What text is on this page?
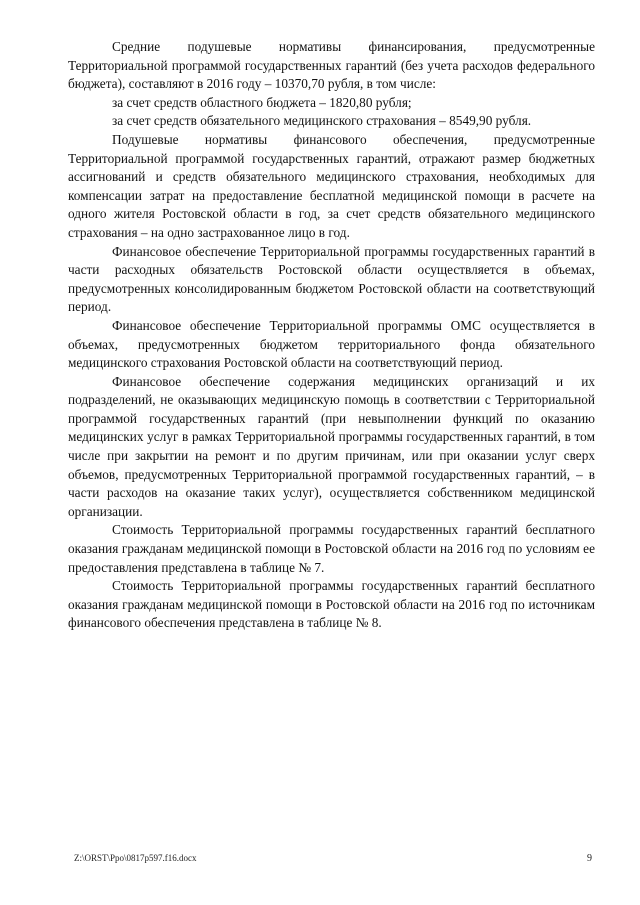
Средние подушевые нормативы финансирования, предусмотренные Территориальной программой государственных гарантий (без учета расходов федерального бюджета), составляют в 2016 году – 10370,70 рубля, в том числе:

за счет средств областного бюджета – 1820,80 рубля;

за счет средств обязательного медицинского страхования – 8549,90 рубля.

Подушевые нормативы финансового обеспечения, предусмотренные Территориальной программой государственных гарантий, отражают размер бюджетных ассигнований и средств обязательного медицинского страхования, необходимых для компенсации затрат на предоставление бесплатной медицинской помощи в расчете на одного жителя Ростовской области в год, за счет средств обязательного медицинского страхования – на одно застрахованное лицо в год.

Финансовое обеспечение Территориальной программы государственных гарантий в части расходных обязательств Ростовской области осуществляется в объемах, предусмотренных консолидированным бюджетом Ростовской области на соответствующий период.

Финансовое обеспечение Территориальной программы ОМС осуществляется в объемах, предусмотренных бюджетом территориального фонда обязательного медицинского страхования Ростовской области на соответствующий период.

Финансовое обеспечение содержания медицинских организаций и их подразделений, не оказывающих медицинскую помощь в соответствии с Территориальной программой государственных гарантий (при невыполнении функций по оказанию медицинских услуг в рамках Территориальной программы государственных гарантий, в том числе при закрытии на ремонт и по другим причинам, или при оказании услуг сверх объемов, предусмотренных Территориальной программой государственных гарантий, – в части расходов на оказание таких услуг), осуществляется собственником медицинской организации.

Стоимость Территориальной программы государственных гарантий бесплатного оказания гражданам медицинской помощи в Ростовской области на 2016 год по условиям ее предоставления представлена в таблице № 7.

Стоимость Территориальной программы государственных гарантий бесплатного оказания гражданам медицинской помощи в Ростовской области на 2016 год по источникам финансового обеспечения представлена в таблице № 8.

Z:\ORST\Ppo\0817p597.f16.docx	9
